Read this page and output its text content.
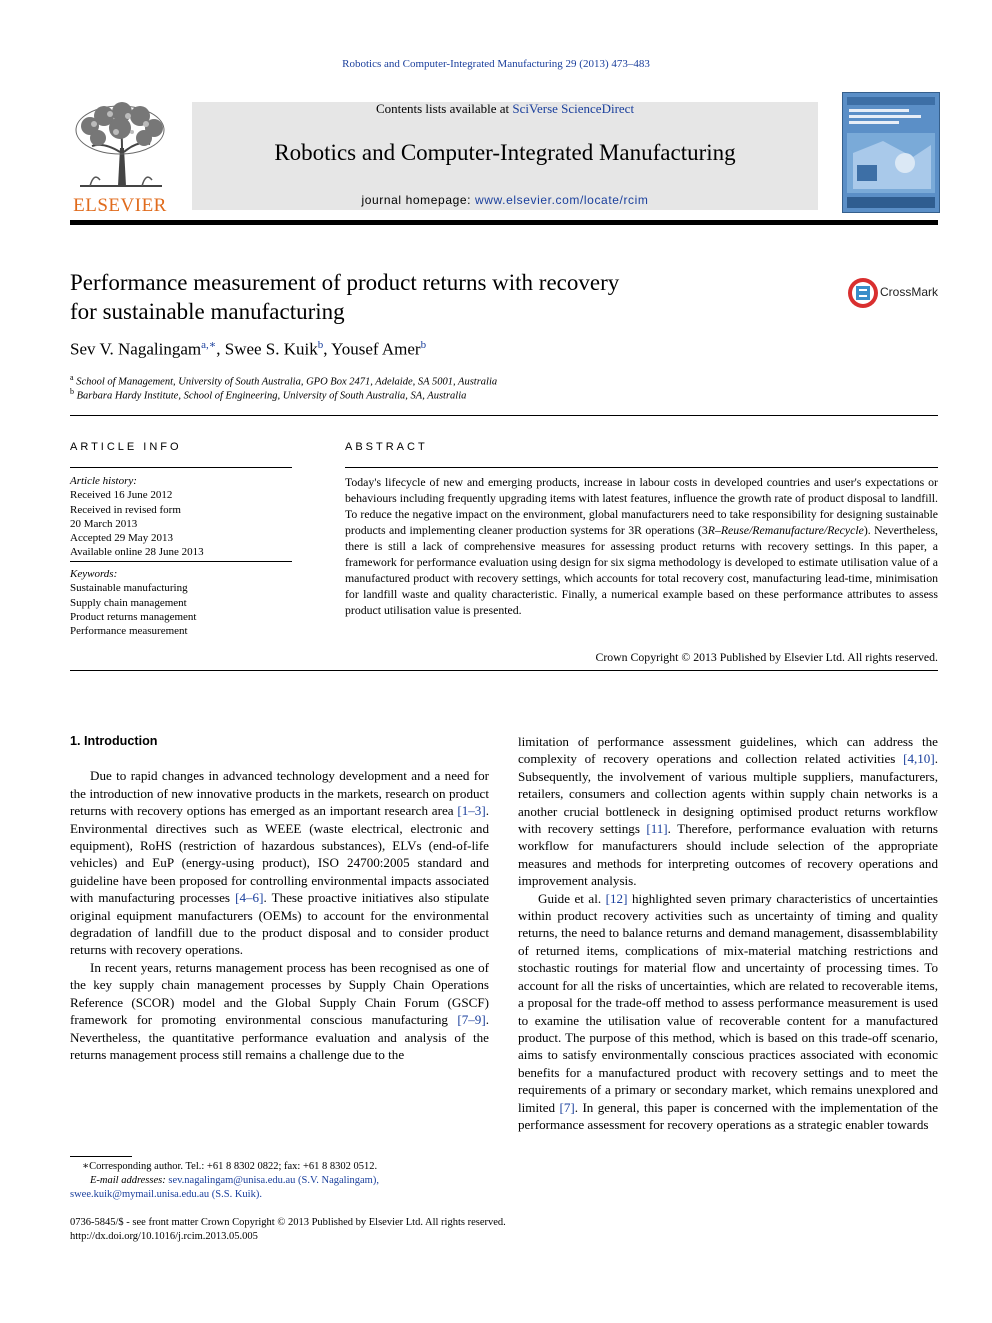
Robotics and Computer-Integrated Manufacturing 29 (2013) 473–483
ELSEVIER
Contents lists available at SciVerse ScienceDirect
Robotics and Computer-Integrated Manufacturing
journal homepage: www.elsevier.com/locate/rcim
Performance measurement of product returns with recovery
for sustainable manufacturing
CrossMark
Sev V. Nagalingam$^{a,∗}$, Swee S. Kuik$^b$, Yousef Amer$^b$
$^a$ School of Management, University of South Australia, GPO Box 2471, Adelaide, SA 5001, Australia
$^b$ Barbara Hardy Institute, School of Engineering, University of South Australia, SA, Australia
ARTICLE INFO
Article history:
Received 16 June 2012
Received in revised form
20 March 2013
Accepted 29 May 2013
Available online 28 June 2013
Keywords:
Sustainable manufacturing
Supply chain management
Product returns management
Performance measurement
ABSTRACT
Today's lifecycle of new and emerging products, increase in labour costs in developed countries and user's expectations or behaviours including frequently upgrading items with latest features, influence the growth rate of product disposal to landfill. To reduce the negative impact on the environment, global manufacturers need to take responsibility for designing sustainable products and implementing cleaner production systems for 3R operations (3R–Reuse/Remanufacture/Recycle). Nevertheless, there is still a lack of comprehensive measures for assessing product returns with recovery settings. In this paper, a framework for performance evaluation using design for six sigma methodology is developed to estimate utilisation value of a manufactured product with recovery settings, which accounts for total recovery cost, manufacturing lead-time, minimisation for landfill waste and quality characteristic. Finally, a numerical example based on these performance attributes to assess product utilisation value is presented.
Crown Copyright © 2013 Published by Elsevier Ltd. All rights reserved.

1. Introduction

Due to rapid changes in advanced technology development and a need for the introduction of new innovative products in the markets, research on product returns with recovery options has emerged as an important research area [1–3]. Environmental directives such as WEEE (waste electrical, electronic and equipment), RoHS (restriction of hazardous substances), ELVs (end-of-life vehicles) and EuP (energy-using product), ISO 24700:2005 standard and guideline have been proposed for controlling environmental impacts associated with manufacturing processes [4–6]. These proactive initiatives also stipulate original equipment manufacturers (OEMs) to account for the environmental degradation of landfill due to the product disposal and to consider product returns with recovery operations.

In recent years, returns management process has been recognised as one of the key supply chain management processes by Supply Chain Operations Reference (SCOR) model and the Global Supply Chain Forum (GSCF) framework for promoting environmental conscious manufacturing [7–9]. Nevertheless, the quantitative performance evaluation and analysis of the returns management process still remains a challenge due to the

limitation of performance assessment guidelines, which can address the complexity of recovery operations and collection related activities [4,10]. Subsequently, the involvement of various multiple suppliers, manufacturers, retailers, consumers and collection agents within supply chain networks is a another crucial bottleneck in designing optimised product returns workflow with recovery settings [11]. Therefore, performance evaluation with returns workflow for manufacturers should include selection of the appropriate measures and methods for interpreting outcomes of recovery operations and improvement analysis.

Guide et al. [12] highlighted seven primary characteristics of uncertainties within product recovery activities such as uncertainty of timing and quality returns, the need to balance returns and demand management, disassemblability of returned items, complications of mix-material matching restrictions and stochastic routings for material flow and uncertainty of processing times. To account for all the risks of uncertainties, which are related to recoverable items, a proposal for the trade-off method to assess performance measurement is used to examine the utilisation value of recoverable content for a manufactured product. The purpose of this method, which is based on this trade-off scenario, aims to satisfy environmentally conscious practices associated with economic benefits for a manufactured product with recovery settings and to meet the requirements of a primary or secondary market, which remains unexplored and limited [7]. In general, this paper is concerned with the implementation of the performance assessment for recovery operations as a strategic enabler towards

∗Corresponding author. Tel.: +61 8 8302 0822; fax: +61 8 8302 0512.
E-mail addresses: sev.nagalingam@unisa.edu.au (S.V. Nagalingam),
swee.kuik@mymail.unisa.edu.au (S.S. Kuik).
0736-5845/$ - see front matter Crown Copyright © 2013 Published by Elsevier Ltd. All rights reserved.
http://dx.doi.org/10.1016/j.rcim.2013.05.005
